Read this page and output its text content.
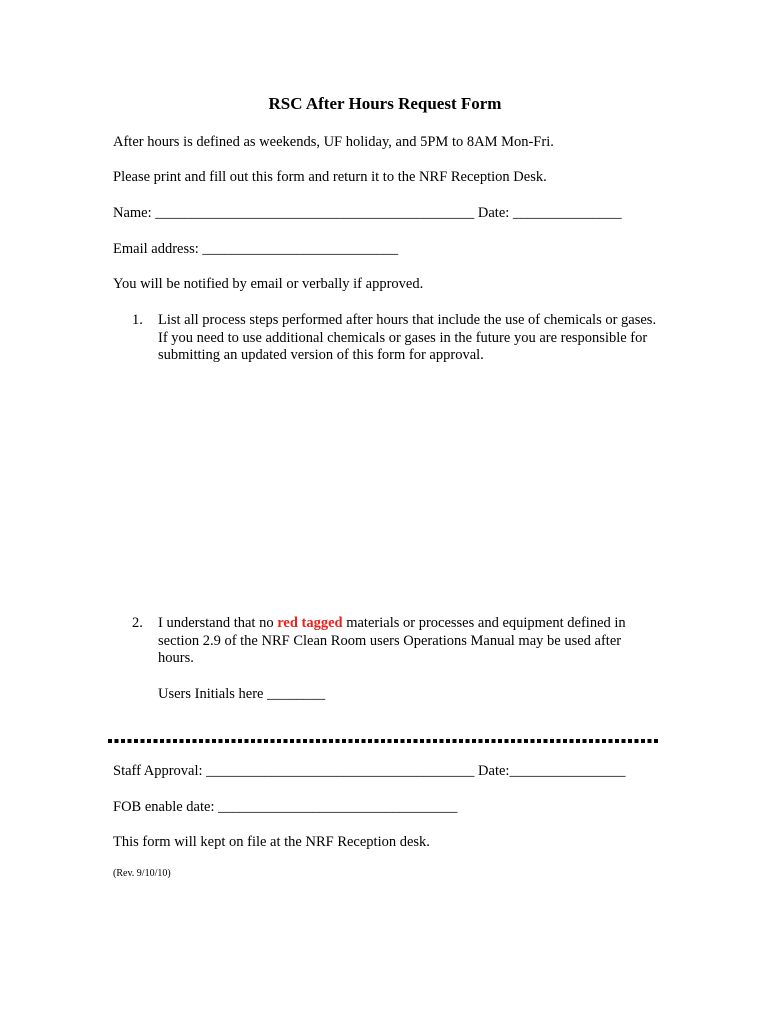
RSC After Hours Request Form
After hours is defined as weekends, UF holiday, and 5PM to 8AM Mon-Fri.
Please print and fill out this form and return it to the NRF Reception Desk.
Name: ____________________________________________ Date: _______________
Email address: ___________________________
You will be notified by email or verbally if approved.
1. List all process steps performed after hours that include the use of chemicals or gases. If you need to use additional chemicals or gases in the future you are responsible for submitting an updated version of this form for approval.
2. I understand that no red tagged materials or processes and equipment defined in section 2.9 of the NRF Clean Room users Operations Manual may be used after hours.
Users Initials here ________
Staff Approval: _____________________________________ Date:________________
FOB enable date: _________________________________
This form will kept on file at the NRF Reception desk.
(Rev. 9/10/10)
